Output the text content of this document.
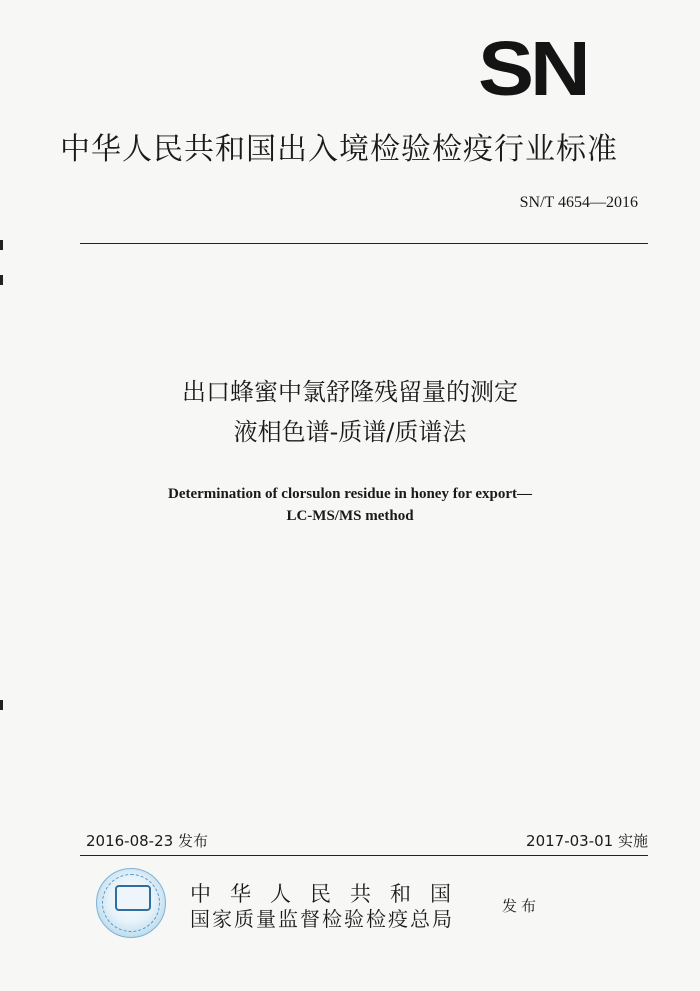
SN
中华人民共和国出入境检验检疫行业标准
SN/T 4654—2016
出口蜂蜜中氯舒隆残留量的测定
液相色谱-质谱/质谱法
Determination of clorsulon residue in honey for export—
LC-MS/MS method
2016-08-23 发布	2017-03-01 实施
中华人民共和国
国家质量监督检验检疫总局
发布
